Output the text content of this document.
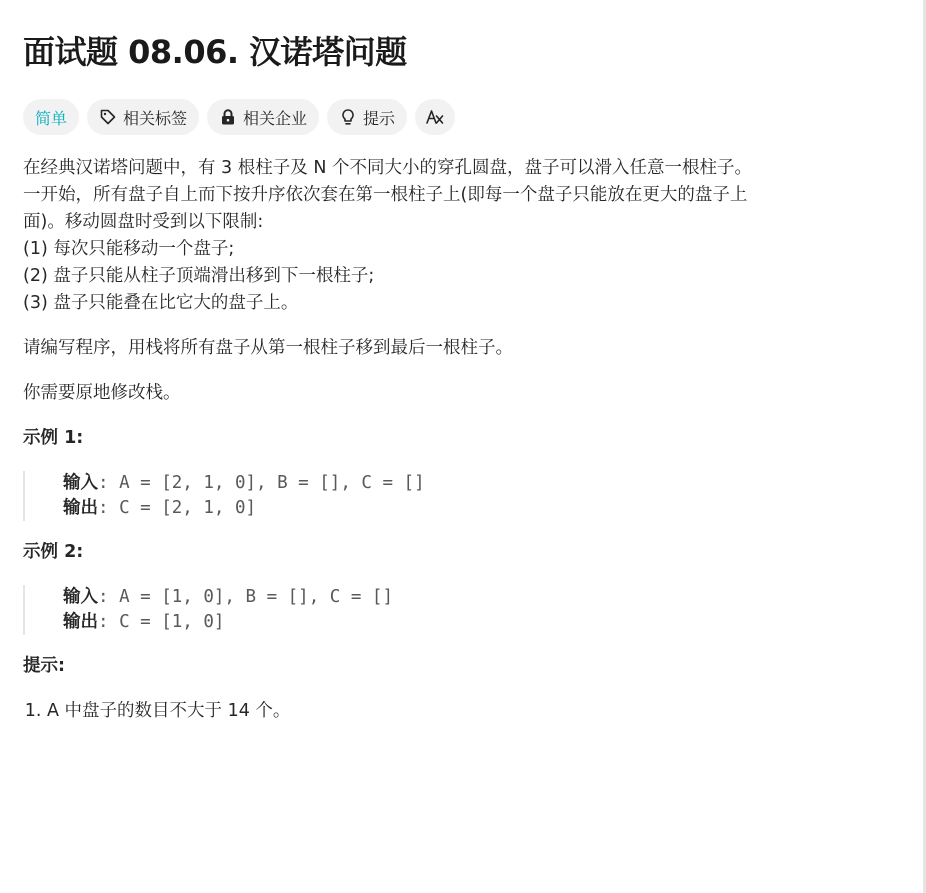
面试题 08.06. 汉诺塔问题
简单	相关标签	相关企业	提示

在经典汉诺塔问题中，有 3 根柱子及 N 个不同大小的穿孔圆盘，盘子可以滑入任意一根柱子。

一开始，所有盘子自上而下按升序依次套在第一根柱子上(即每一个盘子只能放在更大的盘子上

面)。移动圆盘时受到以下限制:

(1) 每次只能移动一个盘子;

(2) 盘子只能从柱子顶端滑出移到下一根柱子;

(3) 盘子只能叠在比它大的盘子上。

请编写程序，用栈将所有盘子从第一根柱子移到最后一根柱子。

你需要原地修改栈。

示例 1:

输入: A = [2, 1, 0], B = [], C = []
输出: C = [2, 1, 0]

示例 2:

输入: A = [1, 0], B = [], C = []
输出: C = [1, 0]

提示:

1. A 中盘子的数目不大于 14 个。
